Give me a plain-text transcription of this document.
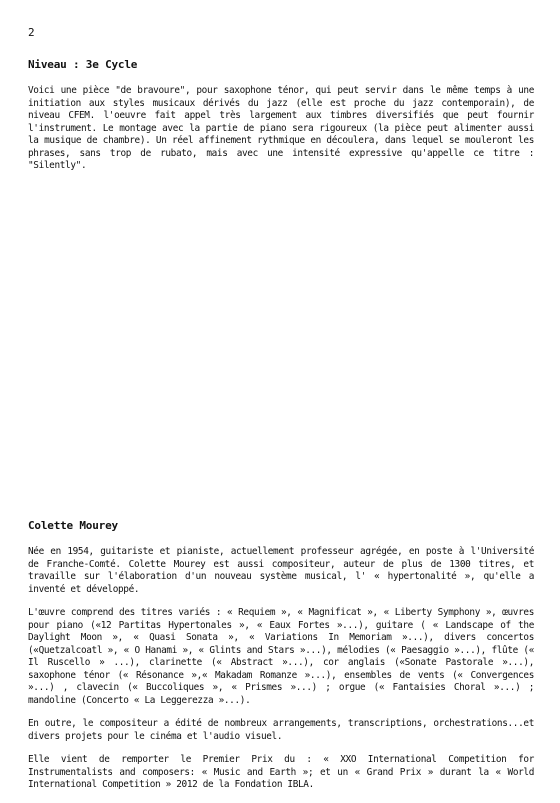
2
Niveau : 3e Cycle

Voici une pièce "de bravoure", pour saxophone ténor, qui peut servir dans le même temps à une initiation aux styles musicaux dérivés du jazz (elle est proche du jazz contemporain), de niveau CFEM. l'oeuvre fait appel très largement aux timbres diversifiés que peut fournir l'instrument. Le montage avec la partie de piano sera rigoureux (la pièce peut alimenter aussi la musique de chambre). Un réel affinement rythmique en découlera, dans lequel se mouleront les phrases, sans trop de rubato, mais avec une intensité expressive qu'appelle ce titre : "Silently".

Colette Mourey

Née en 1954, guitariste et pianiste, actuellement professeur agrégée, en poste à l'Université de Franche-Comté. Colette Mourey est aussi compositeur, auteur de plus de 1300 titres, et travaille sur l'élaboration d'un nouveau système musical, l' « hypertonalité », qu'elle a inventé et développé.

L'œuvre comprend des titres variés : « Requiem », « Magnificat », « Liberty Symphony », œuvres pour piano («12 Partitas Hypertonales », « Eaux Fortes »...), guitare ( « Landscape of the Daylight Moon », « Quasi Sonata », « Variations In Memoriam »...), divers concertos («Quetzalcoatl », « O Hanami », « Glints and Stars »...), mélodies (« Paesaggio »...), flûte (« Il Ruscello » ...), clarinette (« Abstract »...), cor anglais («Sonate Pastorale »...), saxophone ténor (« Résonance »,« Makadam Romanze »...), ensembles de vents (« Convergences »...) , clavecin (« Buccoliques », « Prismes »...) ; orgue (« Fantaisies Choral »...) ; mandoline (Concerto « La Leggerezza »...).

En outre, le compositeur a édité de nombreux arrangements, transcriptions, orchestrations...et divers projets pour le cinéma et l'audio visuel.

Elle vient de remporter le Premier Prix du : « XXO International Competition for Instrumentalists and composers: « Music and Earth »; et un « Grand Prix » durant la « World International Competition » 2012 de la Fondation IBLA.
